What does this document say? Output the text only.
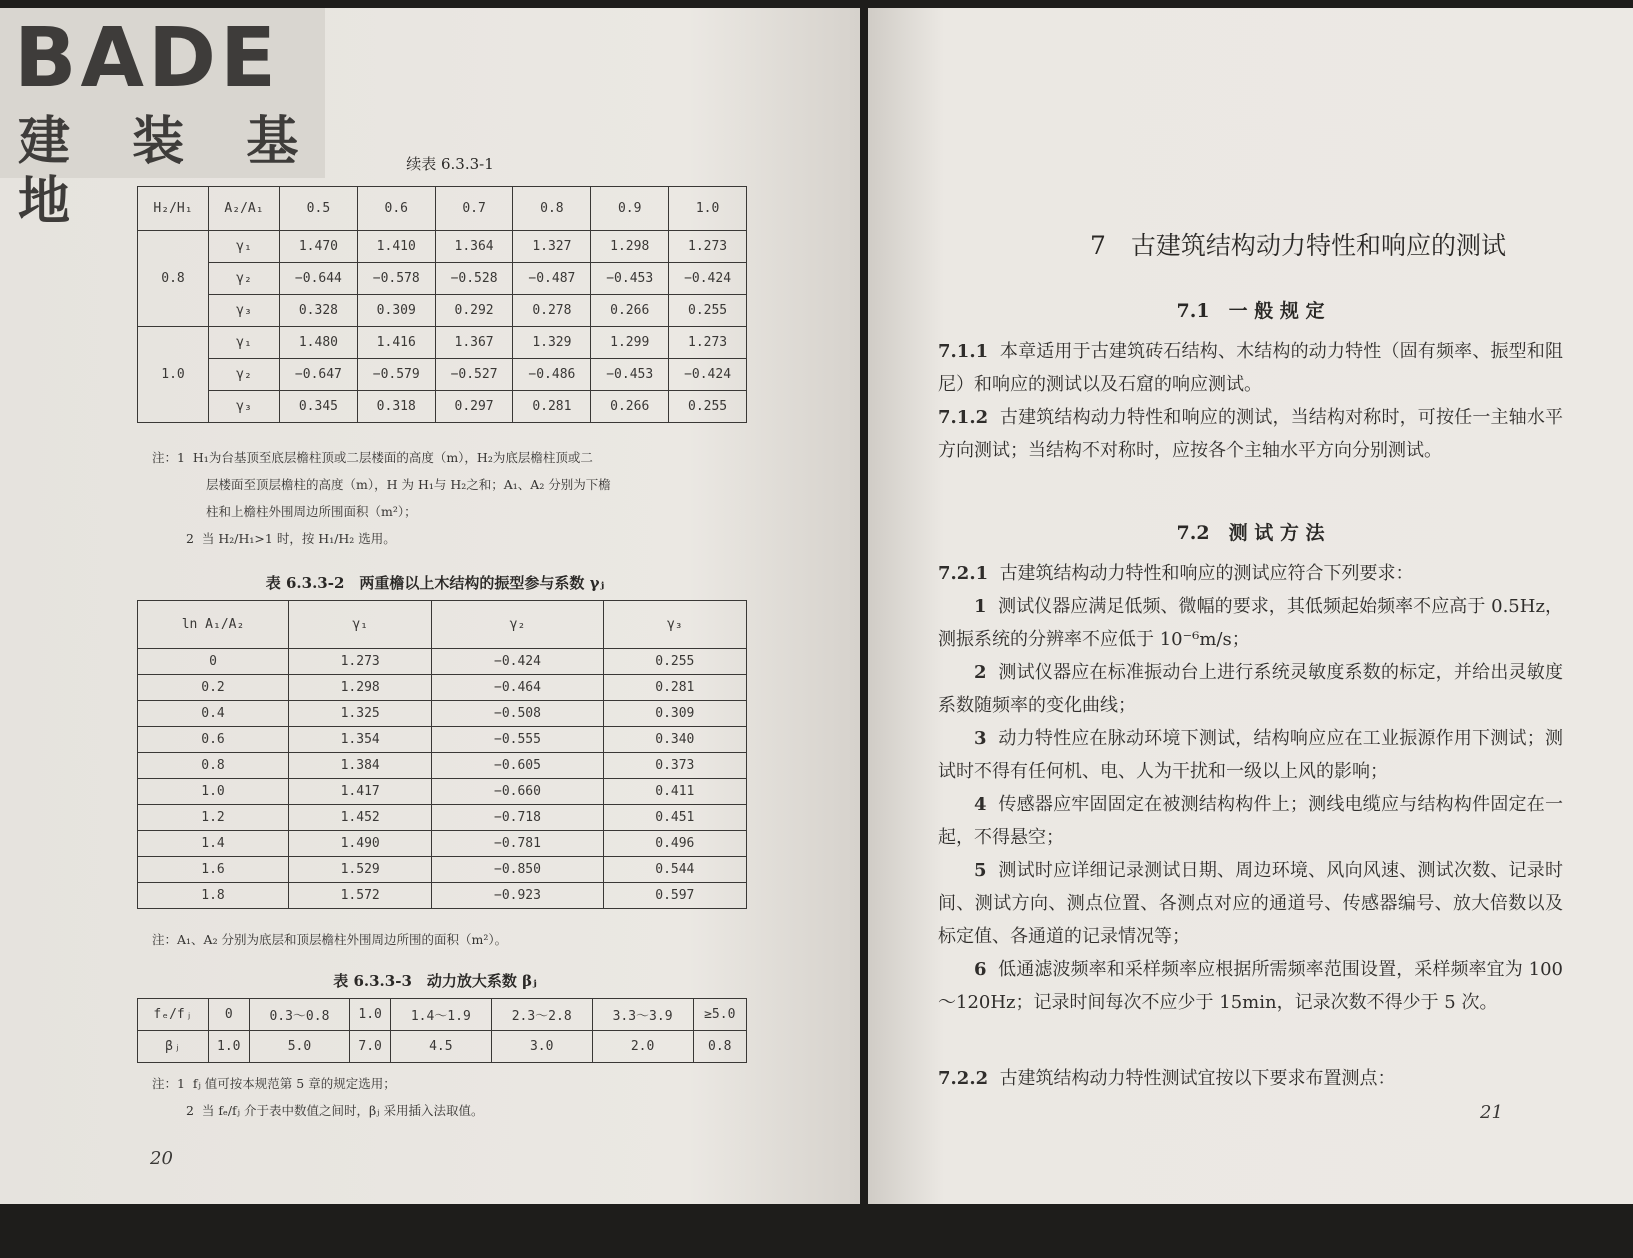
BADE
建 装 基 地
续表 6.3.3-1
H₂/H₁	A₂/A₁	0.5	0.6	0.7	0.8	0.9	1.0
0.8	γ₁	1.470	1.410	1.364	1.327	1.298	1.273
	γ₂	−0.644	−0.578	−0.528	−0.487	−0.453	−0.424
	γ₃	0.328	0.309	0.292	0.278	0.266	0.255
1.0	γ₁	1.480	1.416	1.367	1.329	1.299	1.273
	γ₂	−0.647	−0.579	−0.527	−0.486	−0.453	−0.424
	γ₃	0.345	0.318	0.297	0.281	0.266	0.255
注：1 H₁为台基顶至底层檐柱顶或二层楼面的高度（m），H₂为底层檐柱顶或二
层楼面至顶层檐柱的高度（m），H 为 H₁与 H₂之和；A₁、A₂ 分别为下檐
柱和上檐柱外围周边所围面积（m²）；
2 当 H₂/H₁>1 时，按 H₁/H₂ 选用。
表 6.3.3-2　两重檐以上木结构的振型参与系数 γⱼ
ln A₁/A₂	γ₁	γ₂	γ₃
0	1.273	−0.424	0.255
0.2	1.298	−0.464	0.281
0.4	1.325	−0.508	0.309
0.6	1.354	−0.555	0.340
0.8	1.384	−0.605	0.373
1.0	1.417	−0.660	0.411
1.2	1.452	−0.718	0.451
1.4	1.490	−0.781	0.496
1.6	1.529	−0.850	0.544
1.8	1.572	−0.923	0.597
注：A₁、A₂ 分别为底层和顶层檐柱外围周边所围的面积（m²）。
表 6.3.3-3　动力放大系数 βⱼ
fₑ/fⱼ	0	0.3～0.8	1.0	1.4～1.9	2.3～2.8	3.3～3.9	≥5.0
βⱼ	1.0	5.0	7.0	4.5	3.0	2.0	0.8
注：1 fⱼ 值可按本规范第 5 章的规定选用；
2 当 fₑ/fⱼ 介于表中数值之间时，βⱼ 采用插入法取值。
20
7　古建筑结构动力特性和响应的测试
7.1　一 般 规 定
7.1.1 本章适用于古建筑砖石结构、木结构的动力特性（固有频率、振型和阻尼）和响应的测试以及石窟的响应测试。
7.1.2 古建筑结构动力特性和响应的测试，当结构对称时，可按任一主轴水平方向测试；当结构不对称时，应按各个主轴水平方向分别测试。
7.2　测 试 方 法
7.2.1 古建筑结构动力特性和响应的测试应符合下列要求：
1 测试仪器应满足低频、微幅的要求，其低频起始频率不应高于 0.5Hz，测振系统的分辨率不应低于 10⁻⁶m/s；
2 测试仪器应在标准振动台上进行系统灵敏度系数的标定，并给出灵敏度系数随频率的变化曲线；
3 动力特性应在脉动环境下测试，结构响应应在工业振源作用下测试；测试时不得有任何机、电、人为干扰和一级以上风的影响；
4 传感器应牢固固定在被测结构构件上；测线电缆应与结构构件固定在一起，不得悬空；
5 测试时应详细记录测试日期、周边环境、风向风速、测试次数、记录时间、测试方向、测点位置、各测点对应的通道号、传感器编号、放大倍数以及标定值、各通道的记录情况等；
6 低通滤波频率和采样频率应根据所需频率范围设置，采样频率宜为 100～120Hz；记录时间每次不应少于 15min，记录次数不得少于 5 次。
7.2.2 古建筑结构动力特性测试宜按以下要求布置测点：
21
